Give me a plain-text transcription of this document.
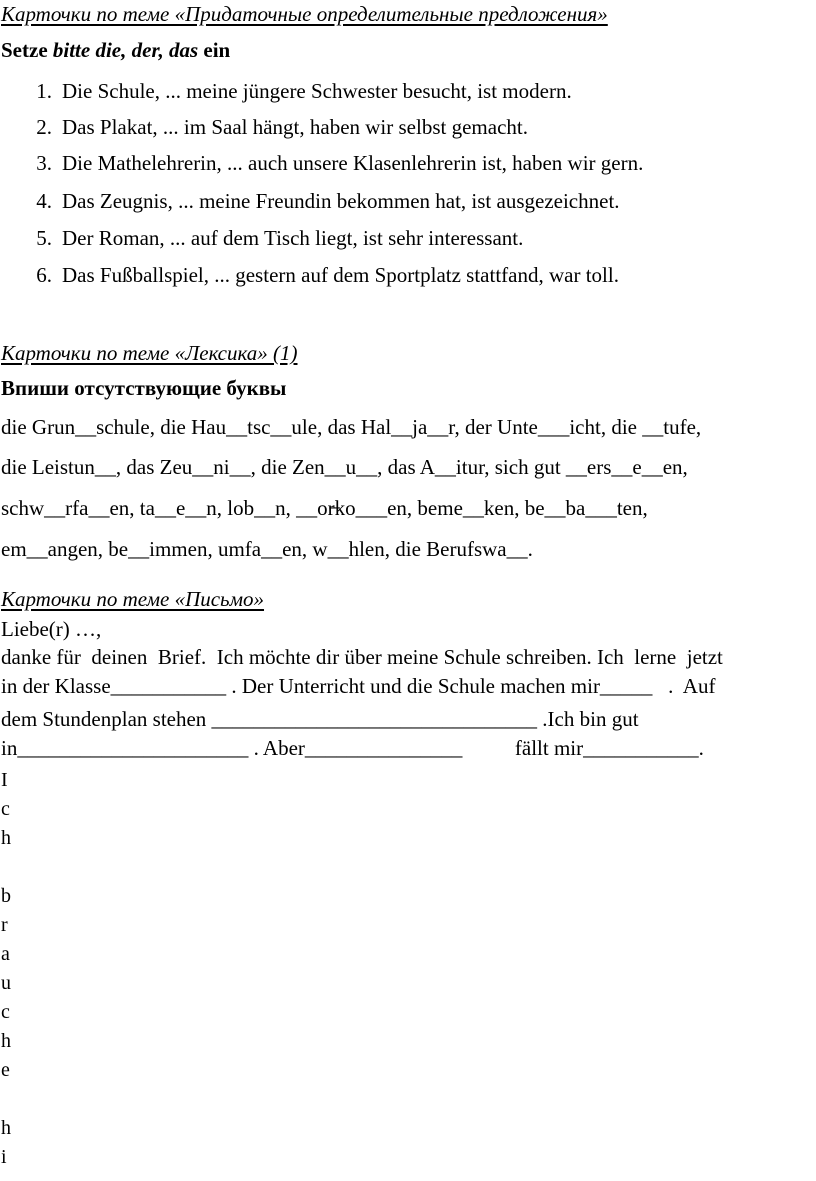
Карточки по теме «Придаточные определительные предложения»
Setze bitte die, der, das ein
1. Die Schule, ... meine jüngere Schwester besucht, ist modern.
2. Das Plakat, ... im Saal hängt, haben wir selbst gemacht.
3. Die Mathelehrerin, ... auch unsere Klasenlehrerin ist, haben wir gern.
4. Das Zeugnis, ... meine Freundin bekommen hat, ist ausgezeichnet.
5. Der Roman, ... auf dem Tisch liegt, ist sehr interessant.
6. Das Fußballspiel, ... gestern auf dem Sportplatz stattfand, war toll.
Карточки по теме «Лексика» (1)
Впиши отсутствующие буквы
die Grun__schule, die Hau__tsc__ule, das Hal__ja__r, der Unte___icht, die __tufe,
die Leistun__, das Zeu__ni__, die Zen__u__, das A__itur, sich gut __ers__e__en,
schw__rfa__en, ta__e__n, lob__n, __or̶ko___en, beme__ken, be__ba___ten,
em__angen, be__immen, umfa__en, w__hlen, die Berufswa__.
Карточки по теме «Письмо»
Liebe(r) …,
danke für  deinen  Brief.  Ich möchte dir über meine Schule schreiben. Ich  lerne  jetzt
in der Klasse___________ . Der Unterricht und die Schule machen mir_____   .  Auf
dem Stundenplan stehen _______________________________ .Ich bin gut
in______________________ . Aber_______________          fällt mir___________.
I
c
h
b
r
a
u
c
h
e
h
i
